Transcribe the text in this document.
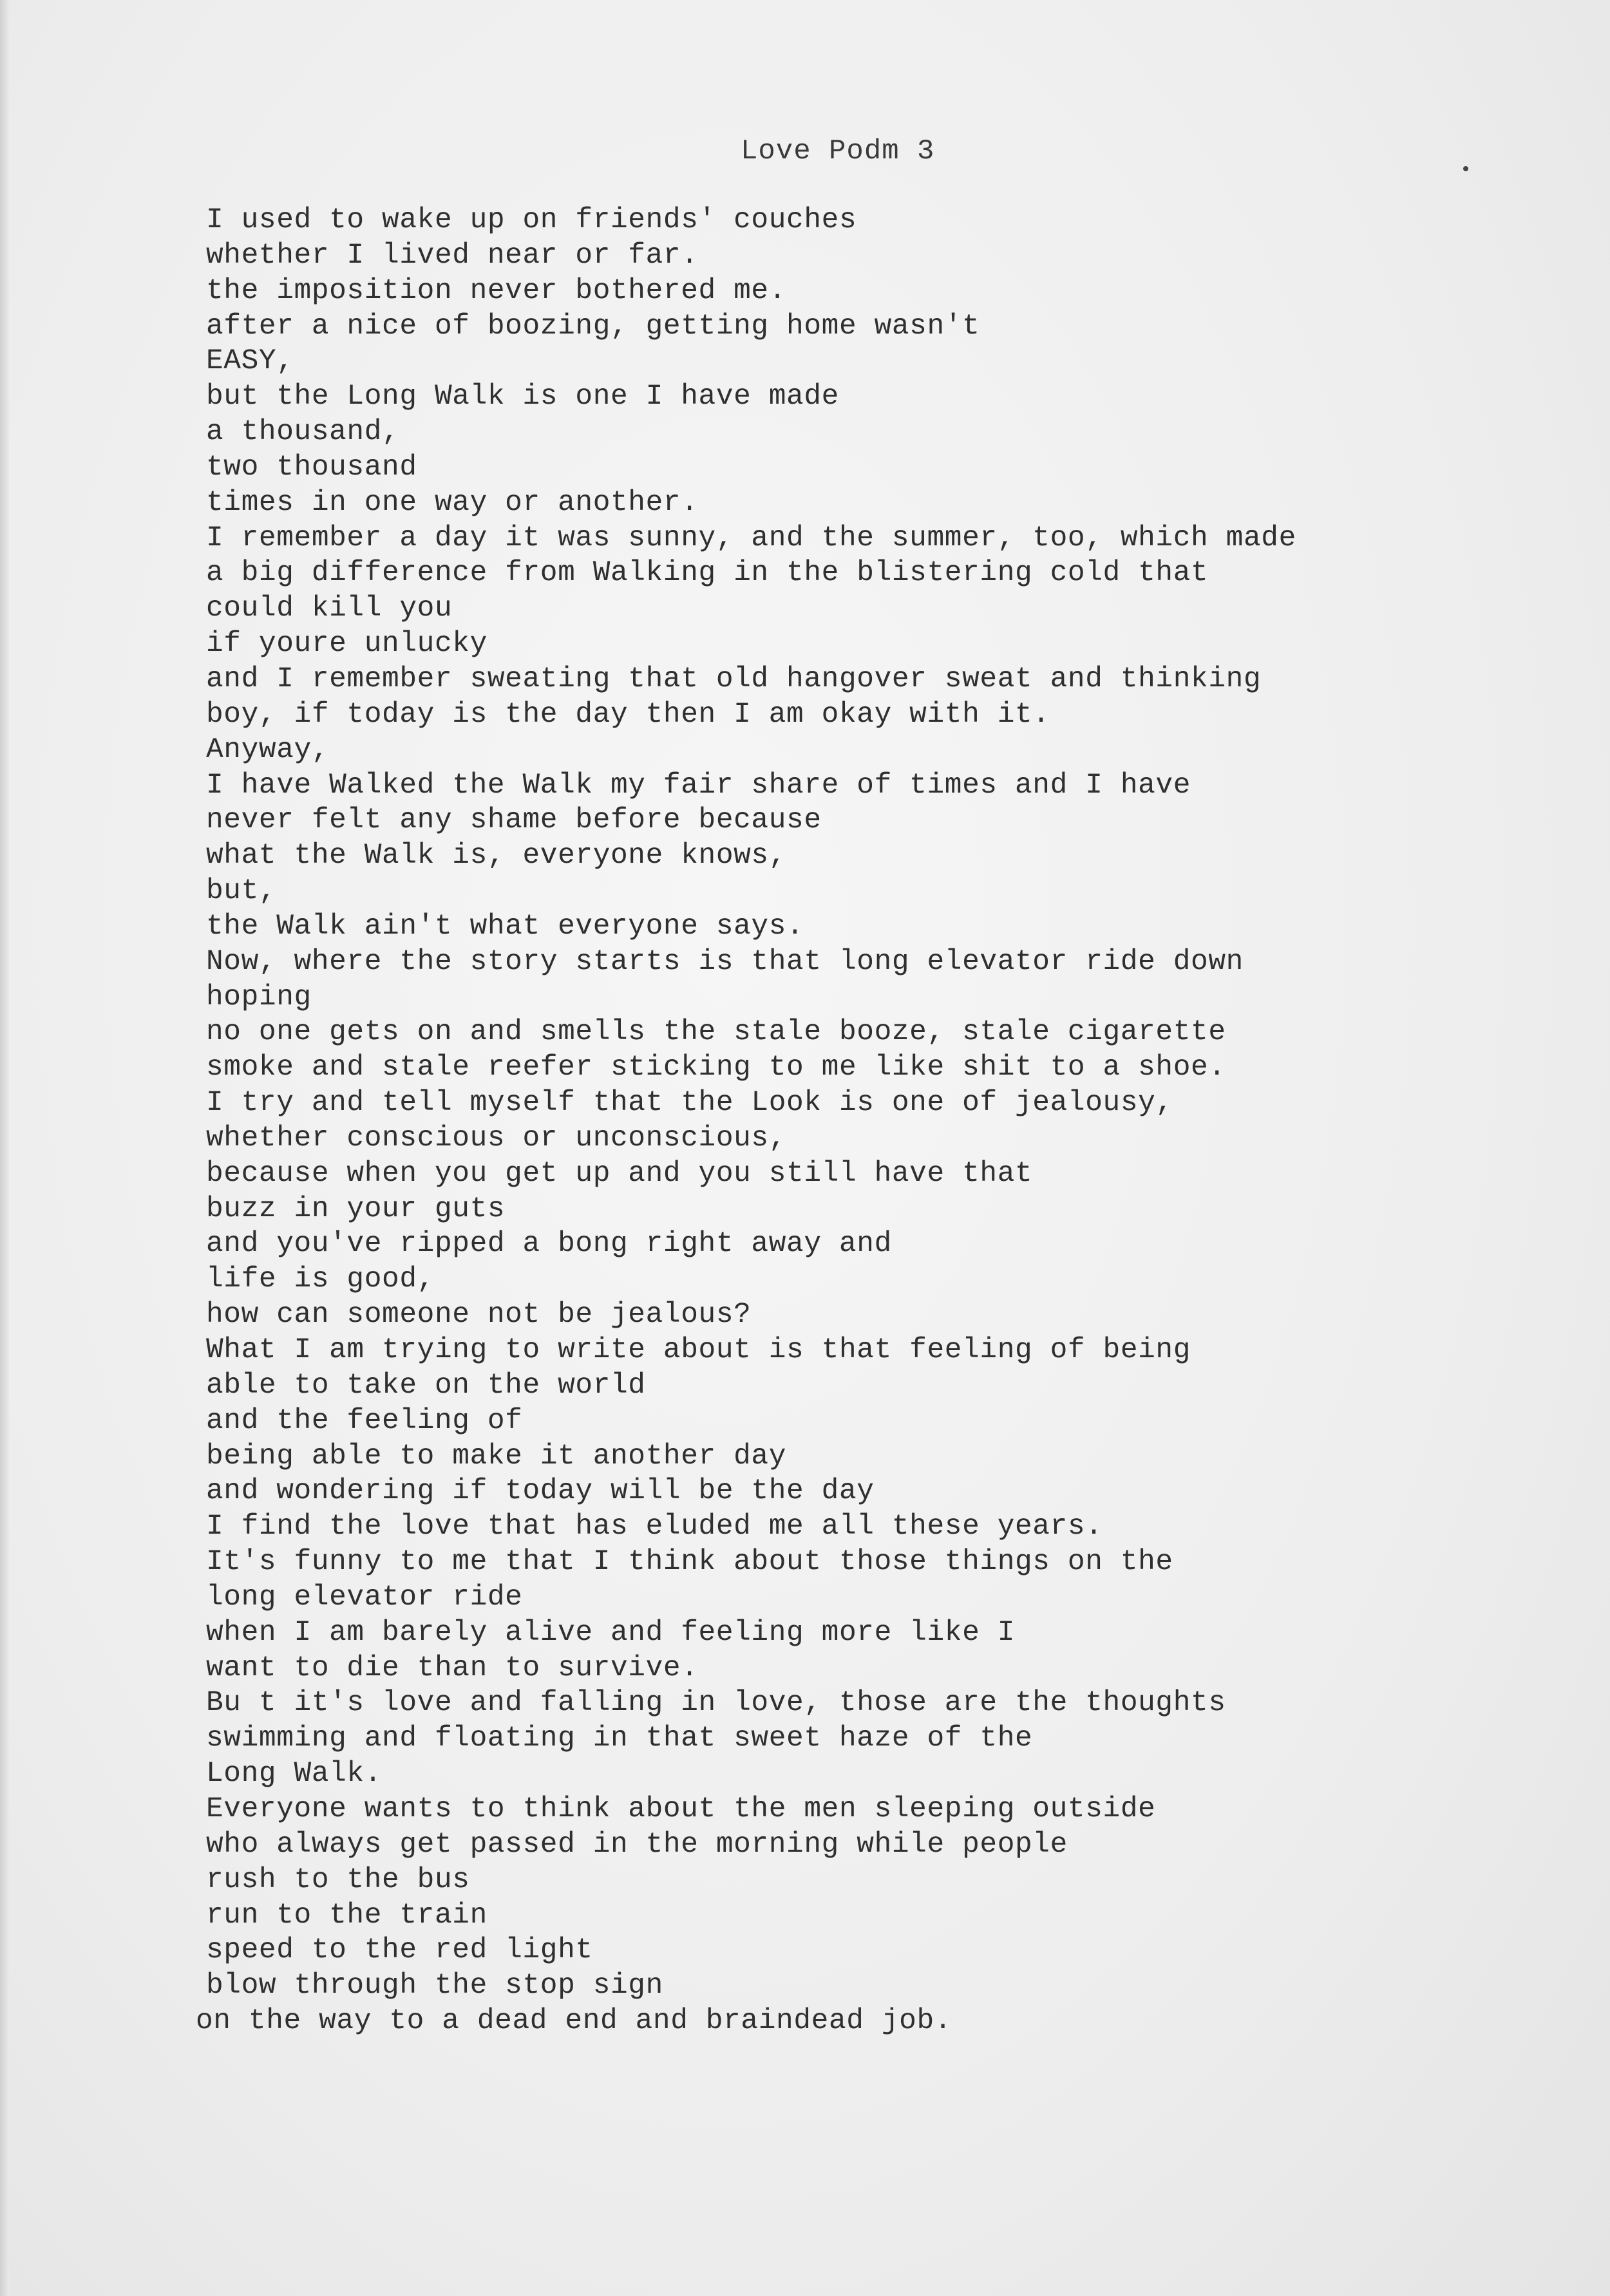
Love Podm 3
I used to wake up on friends' couches
whether I lived near or far.
the imposition never bothered me.
after a nice of boozing, getting home wasn't
EASY,
but the Long Walk is one I have made
a thousand,
two thousand
times in one way or another.
I remember a day it was sunny, and the summer, too, which made
a big difference from Walking in the blistering cold that
could kill you
if youre unlucky
and I remember sweating that old hangover sweat and thinking
boy, if today is the day then I am okay with it.
Anyway,
I have Walked the Walk my fair share of times and I have
never felt any shame before because
what the Walk is, everyone knows,
but,
the Walk ain't what everyone says.
Now, where the story starts is that long elevator ride down
hoping
no one gets on and smells the stale booze, stale cigarette
smoke and stale reefer sticking to me like shit to a shoe.
I try and tell myself that the Look is one of jealousy,
whether conscious or unconscious,
because when you get up and you still have that
buzz in your guts
and you've ripped a bong right away and
life is good,
how can someone not be jealous?
What I am trying to write about is that feeling of being
able to take on the world
and the feeling of
being able to make it another day
and wondering if today will be the day
I find the love that has eluded me all these years.
It's funny to me that I think about those things on the
long elevator ride
when I am barely alive and feeling more like I
want to die than to survive.
Bu t it's love and falling in love, those are the thoughts
swimming and floating in that sweet haze of the
Long Walk.
Everyone wants to think about the men sleeping outside
who always get passed in the morning while people
rush to the bus
run to the train
speed to the red light
blow through the stop sign
on the way to a dead end and braindead job.
